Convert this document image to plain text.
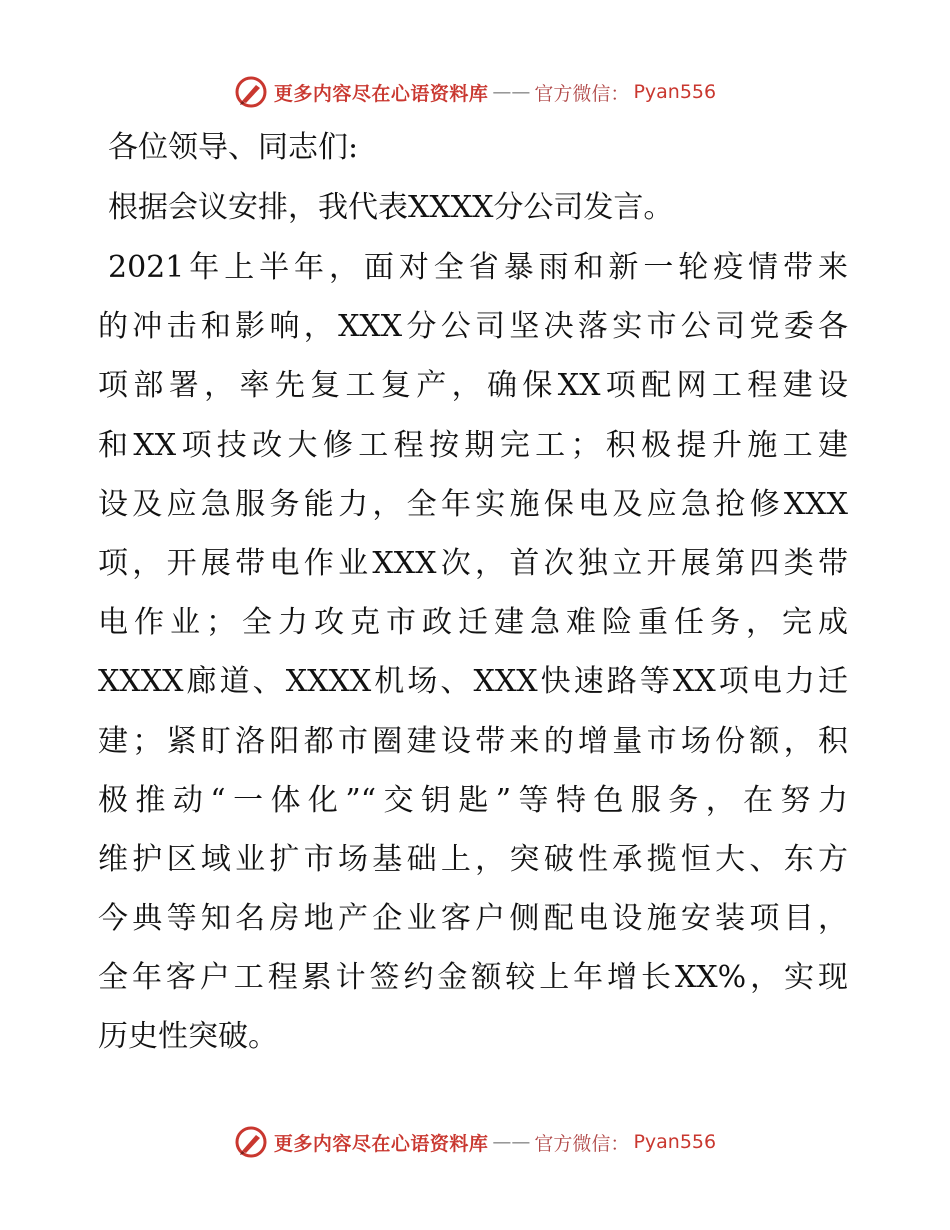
更多内容尽在心语资料库 —— 官方微信： Pyan556

各位领导、同志们:

根据会议安排，我代表XXXX分公司发言。

2021年上半年，面对全省暴雨和新一轮疫情带来
的冲击和影响，XXX分公司坚决落实市公司党委各
项部署，率先复工复产，确保XX项配网工程建设
和XX项技改大修工程按期完工；积极提升施工建
设及应急服务能力，全年实施保电及应急抢修XXX
项，开展带电作业XXX次，首次独立开展第四类带
电作业；全力攻克市政迁建急难险重任务，完成
XXXX廊道、XXXX机场、XXX快速路等XX项电力迁
建；紧盯洛阳都市圈建设带来的增量市场份额，积
极推动“一体化”“交钥匙”等特色服务，在努力
维护区域业扩市场基础上，突破性承揽恒大、东方
今典等知名房地产企业客户侧配电设施安装项目，
全年客户工程累计签约金额较上年增长XX%，实现
历史性突破。
更多内容尽在心语资料库 —— 官方微信： Pyan556
